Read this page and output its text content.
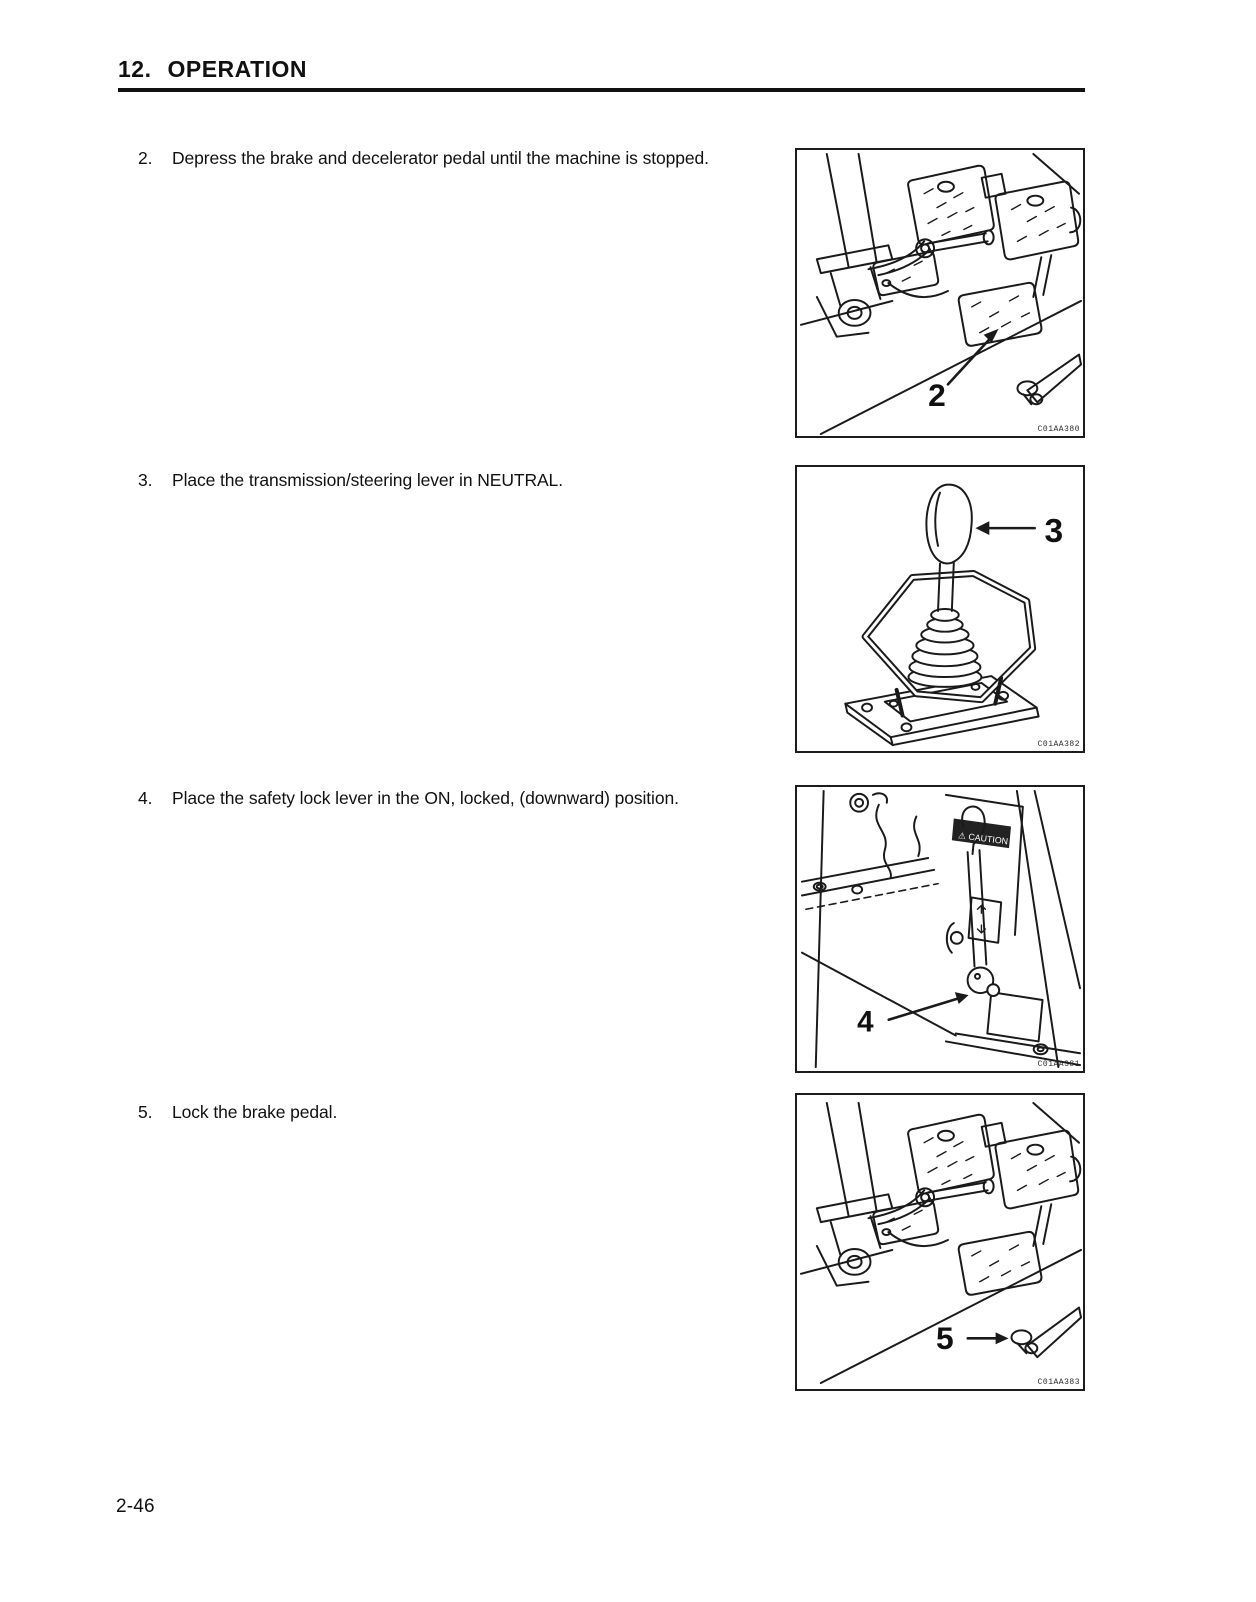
12. OPERATION
2.	Depress the brake and decelerator pedal until the machine is stopped.
2
C01AA380
3.	Place the transmission/steering lever in NEUTRAL.
3
C01AA382
4.	Place the safety lock lever in the ON, locked, (downward) position.
⚠ CAUTION
4
C01AA381
5.	Lock the brake pedal.
5
C01AA383
2-46
